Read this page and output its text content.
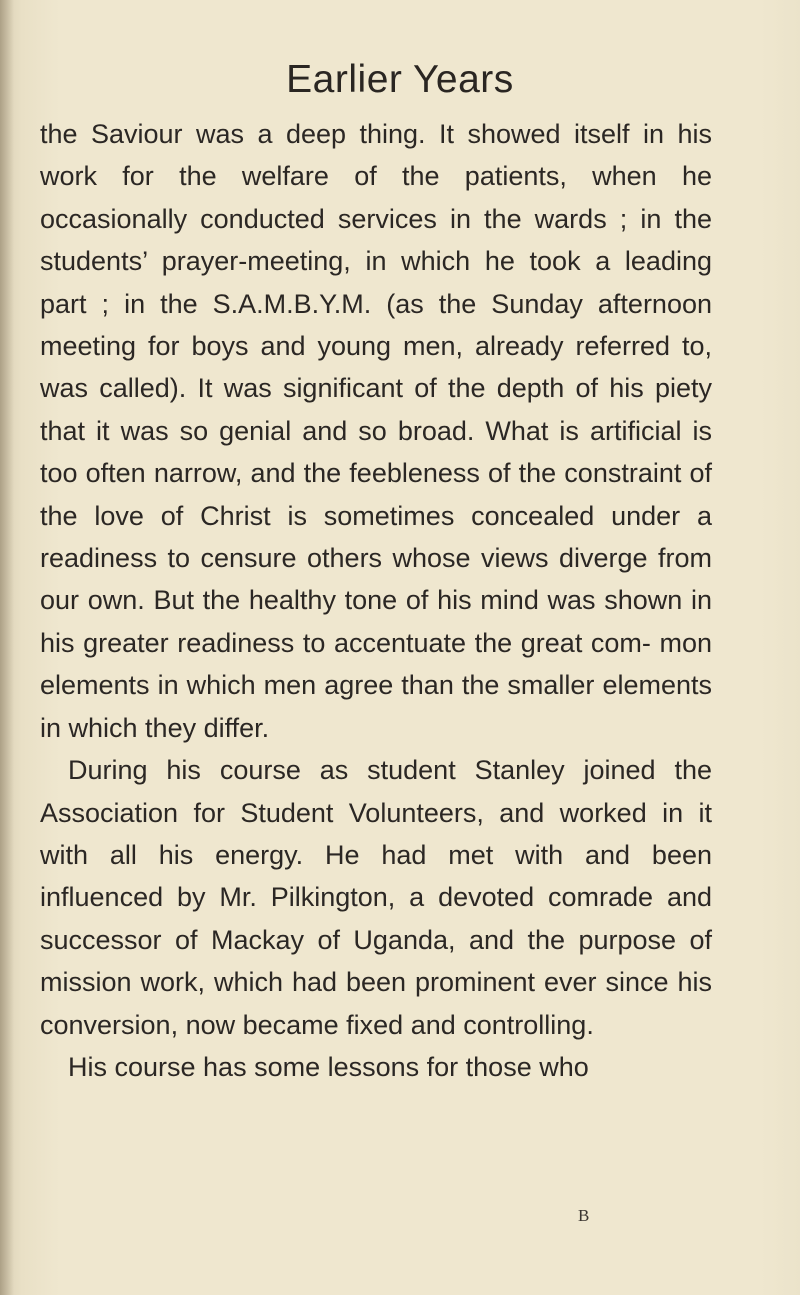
Earlier Years

the Saviour was a deep thing. It showed itself in his work for the welfare of the patients, when he occasionally conducted services in the wards ; in the students’ prayer-meeting, in which he took a leading part ; in the S.A.M.B.Y.M. (as the Sunday afternoon meeting for boys and young men, already referred to, was called). It was significant of the depth of his piety that it was so genial and so broad. What is artificial is too often narrow, and the feebleness of the constraint of the love of Christ is sometimes concealed under a readiness to censure others whose views diverge from our own. But the healthy tone of his mind was shown in his greater readiness to accentuate the great com- mon elements in which men agree than the smaller elements in which they differ.

During his course as student Stanley joined the Association for Student Volunteers, and worked in it with all his energy. He had met with and been influenced by Mr. Pilkington, a devoted comrade and successor of Mackay of Uganda, and the purpose of mission work, which had been prominent ever since his conversion, now became fixed and controlling.

His course has some lessons for those who

B
